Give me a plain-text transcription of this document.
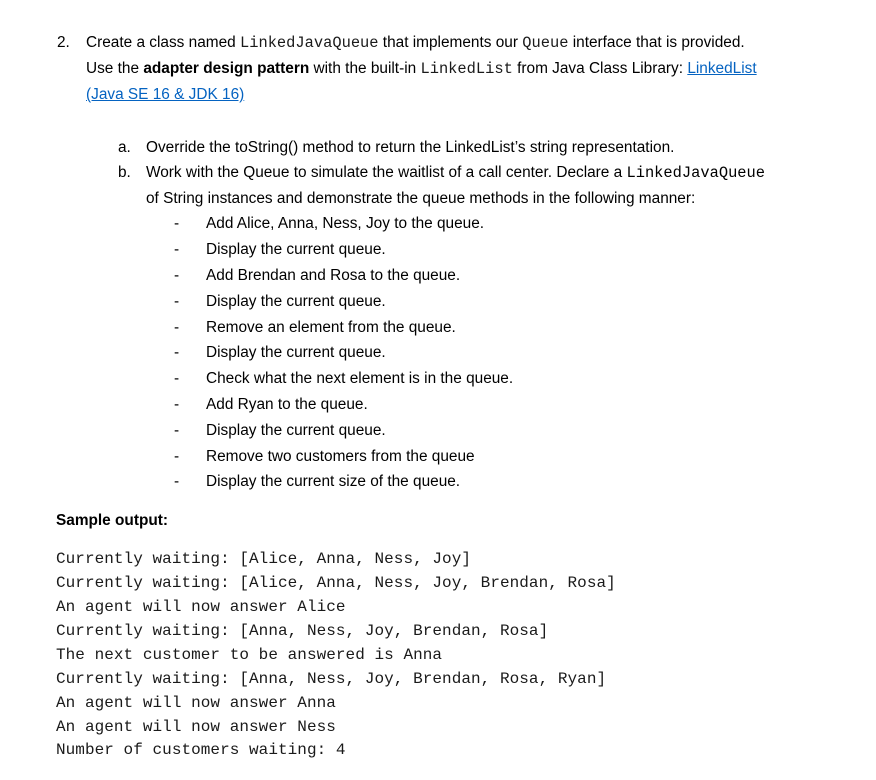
2. Create a class named LinkedJavaQueue that implements our Queue interface that is provided.
Use the adapter design pattern with the built-in LinkedList from Java Class Library: LinkedList
(Java SE 16 & JDK 16)
a. Override the toString() method to return the LinkedList’s string representation.
b. Work with the Queue to simulate the waitlist of a call center. Declare a LinkedJavaQueue
of String instances and demonstrate the queue methods in the following manner:
- Add Alice, Anna, Ness, Joy to the queue.
- Display the current queue.
- Add Brendan and Rosa to the queue.
- Display the current queue.
- Remove an element from the queue.
- Display the current queue.
- Check what the next element is in the queue.
- Add Ryan to the queue.
- Display the current queue.
- Remove two customers from the queue
- Display the current size of the queue.
Sample output:
Currently waiting: [Alice, Anna, Ness, Joy]
Currently waiting: [Alice, Anna, Ness, Joy, Brendan, Rosa]
An agent will now answer Alice
Currently waiting: [Anna, Ness, Joy, Brendan, Rosa]
The next customer to be answered is Anna
Currently waiting: [Anna, Ness, Joy, Brendan, Rosa, Ryan]
An agent will now answer Anna
An agent will now answer Ness
Number of customers waiting: 4
